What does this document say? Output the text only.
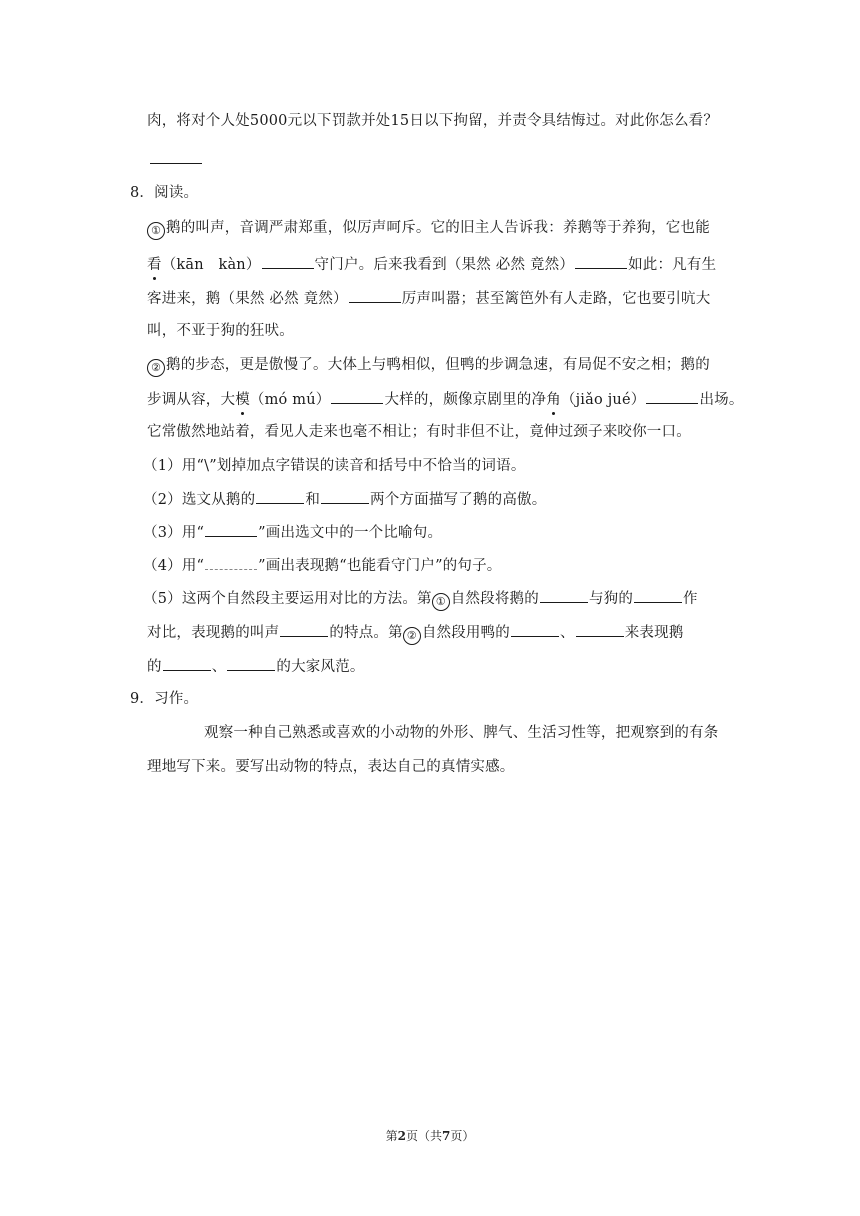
肉，将对个人处5000元以下罚款并处15日以下拘留，并责令具结悔过。对此你怎么看？
8．阅读。
① 鹅的叫声，音调严肃郑重，似厉声呵斥。它的旧主人告诉我：养鹅等于养狗，它也能
看（kān　kàn）	守门户。后来我看到（果然 必然 竟然）	如此：凡有生
客进来，鹅（果然 必然 竟然）	厉声叫嚣；甚至篱笆外有人走路，它也要引吭大
叫，不亚于狗的狂吠。
② 鹅的步态，更是傲慢了。大体上与鸭相似，但鸭的步调急速，有局促不安之相；鹅的
步调从容，大模（mó mú）	大样的，颇像京剧里的净角（jiǎo jué）	出场。
它常傲然地站着，看见人走来也毫不相让；有时非但不让，竟伸过颈子来咬你一口。
（1）用“\”划掉加点字错误的读音和括号中不恰当的词语。
（2）选文从鹅的	和	两个方面描写了鹅的高傲。
（3）用“	”画出选文中的一个比喻句。
（4）用“	”画出表现鹅“也能看守门户”的句子。
（5）这两个自然段主要运用对比的方法。第 ① 自然段将鹅的	与狗的	作
对比，表现鹅的叫声	的特点。第 ② 自然段用鸭的	、	来表现鹅
的	、	的大家风范。
9．习作。
观察一种自己熟悉或喜欢的小动物的外形、脾气、生活习性等，把观察到的有条
理地写下来。要写出动物的特点，表达自己的真情实感。
第2页（共7页）
